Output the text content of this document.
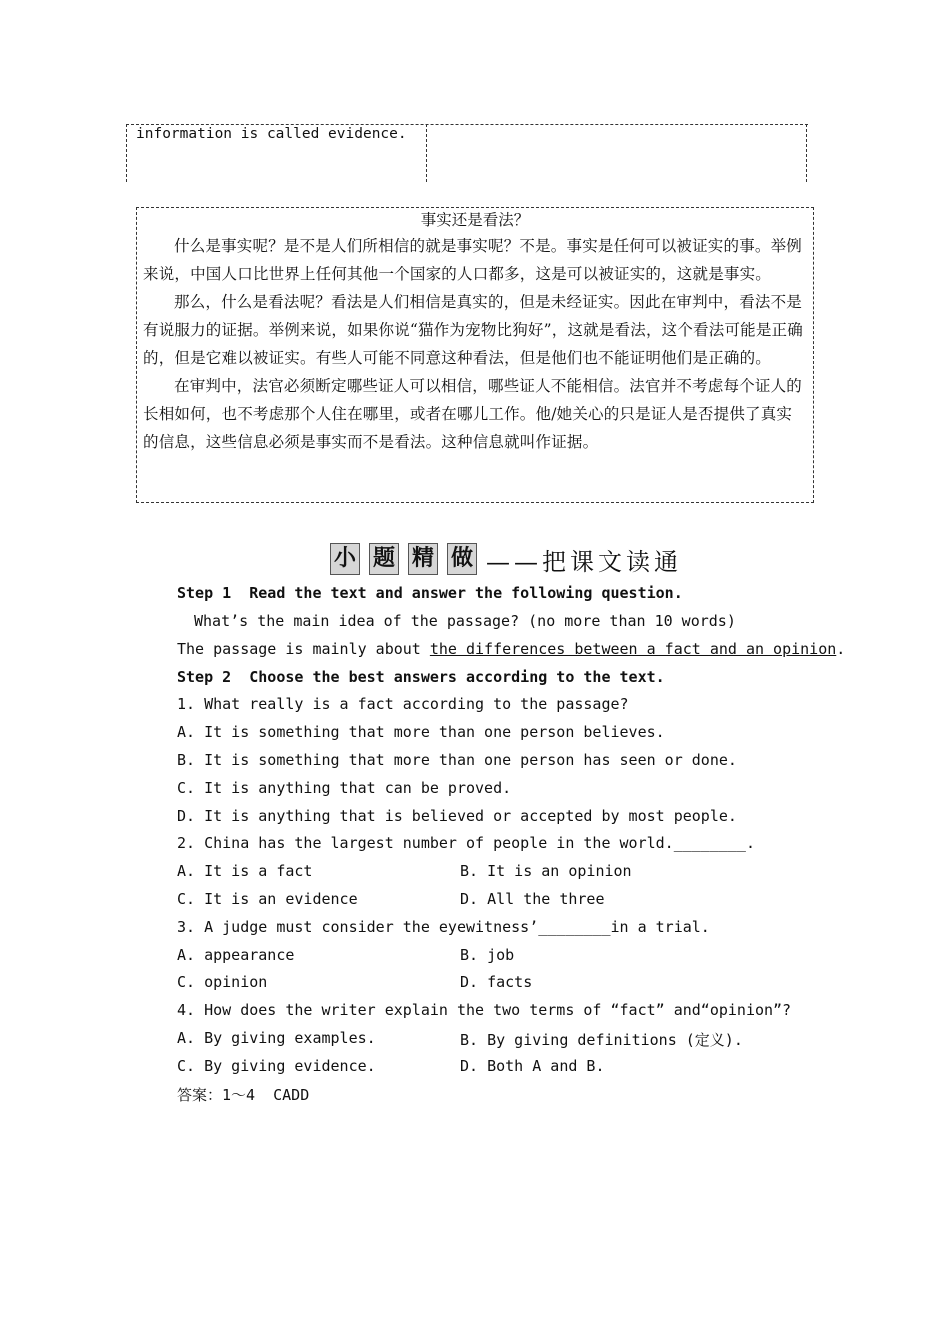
information is called evidence.
事实还是看法？

什么是事实呢？是不是人们所相信的就是事实呢？不是。事实是任何可以被证实的事。举例来说，中国人口比世界上任何其他一个国家的人口都多，这是可以被证实的，这就是事实。

那么，什么是看法呢？看法是人们相信是真实的，但是未经证实。因此在审判中，看法不是有说服力的证据。举例来说，如果你说“猫作为宠物比狗好”，这就是看法，这个看法可能是正确的，但是它难以被证实。有些人可能不同意这种看法，但是他们也不能证明他们是正确的。

在审判中，法官必须断定哪些证人可以相信，哪些证人不能相信。法官并不考虑每个证人的长相如何，也不考虑那个人住在哪里，或者在哪儿工作。他/她关心的只是证人是否提供了真实的信息，这些信息必须是事实而不是看法。这种信息就叫作证据。

小 题 精 做 ——把课文读通
Step 1  Read the text and answer the following question.
What’s the main idea of the passage? (no more than 10 words)
The passage is mainly about the differences between a fact and an opinion.
Step 2  Choose the best answers according to the text.
1. What really is a fact according to the passage?
A. It is something that more than one person believes.
B. It is something that more than one person has seen or done.
C. It is anything that can be proved.
D. It is anything that is believed or accepted by most people.
2. China has the largest number of people in the world.________.
A. It is a fact	B. It is an opinion
C. It is an evidence	D. All the three
3. A judge must consider the eyewitness’________in a trial.
A. appearance	B. job
C. opinion	D. facts
4. How does the writer explain the two terms of “fact” and“opinion”?
A. By giving examples.	B. By giving definitions (定义).
C. By giving evidence.	D. Both A and B.
答案：1～4  CADD
